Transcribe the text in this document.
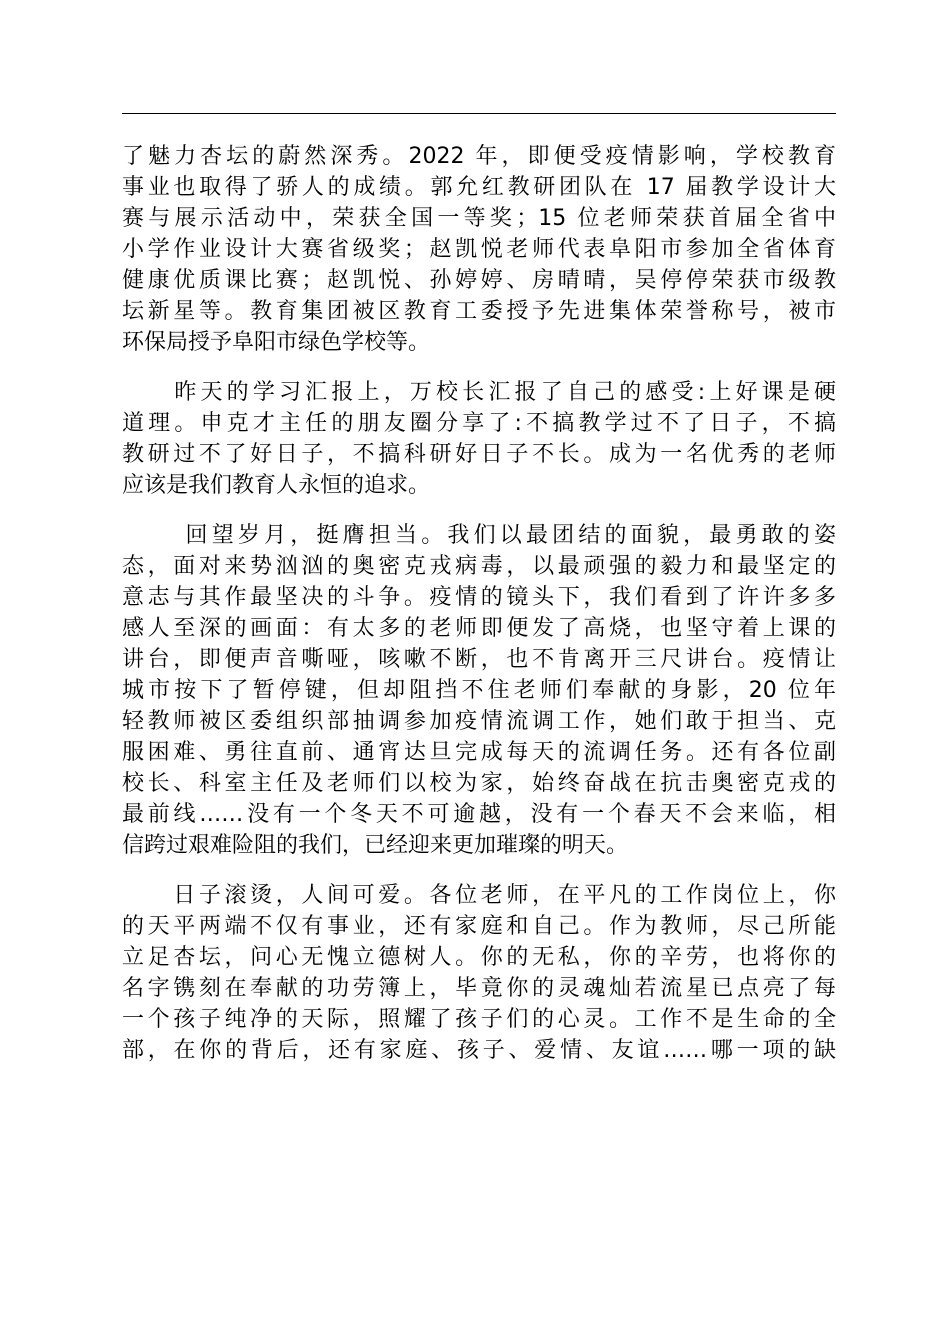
了魅力杏坛的蔚然深秀。2022 年，即便受疫情影响，学校教育
事业也取得了骄人的成绩。郭允红教研团队在 17 届教学设计大
赛与展示活动中，荣获全国一等奖；15 位老师荣获首届全省中
小学作业设计大赛省级奖；赵凯悦老师代表阜阳市参加全省体育
健康优质课比赛；赵凯悦、孙婷婷、房晴晴，吴停停荣获市级教
坛新星等。教育集团被区教育工委授予先进集体荣誉称号，被市
环保局授予阜阳市绿色学校等。

　　昨天的学习汇报上，万校长汇报了自己的感受:上好课是硬
道理。申克才主任的朋友圈分享了:不搞教学过不了日子，不搞
教研过不了好日子，不搞科研好日子不长。成为一名优秀的老师
应该是我们教育人永恒的追求。

　　 回望岁月，挺膺担当。我们以最团结的面貌，最勇敢的姿
态，面对来势汹汹的奥密克戎病毒，以最顽强的毅力和最坚定的
意志与其作最坚决的斗争。疫情的镜头下，我们看到了许许多多
感人至深的画面：有太多的老师即便发了高烧，也坚守着上课的
讲台，即便声音嘶哑，咳嗽不断，也不肯离开三尺讲台。疫情让
城市按下了暂停键，但却阻挡不住老师们奉献的身影，20 位年
轻教师被区委组织部抽调参加疫情流调工作，她们敢于担当、克
服困难、勇往直前、通宵达旦完成每天的流调任务。还有各位副
校长、科室主任及老师们以校为家，始终奋战在抗击奥密克戎的
最前线……没有一个冬天不可逾越，没有一个春天不会来临，相
信跨过艰难险阻的我们，已经迎来更加璀璨的明天。

　　日子滚烫，人间可爱。各位老师，在平凡的工作岗位上，你
的天平两端不仅有事业，还有家庭和自己。作为教师，尽己所能
立足杏坛，问心无愧立德树人。你的无私，你的辛劳，也将你的
名字镌刻在奉献的功劳簿上，毕竟你的灵魂灿若流星已点亮了每
一个孩子纯净的天际，照耀了孩子们的心灵。工作不是生命的全
部，在你的背后，还有家庭、孩子、爱情、友谊……哪一项的缺
